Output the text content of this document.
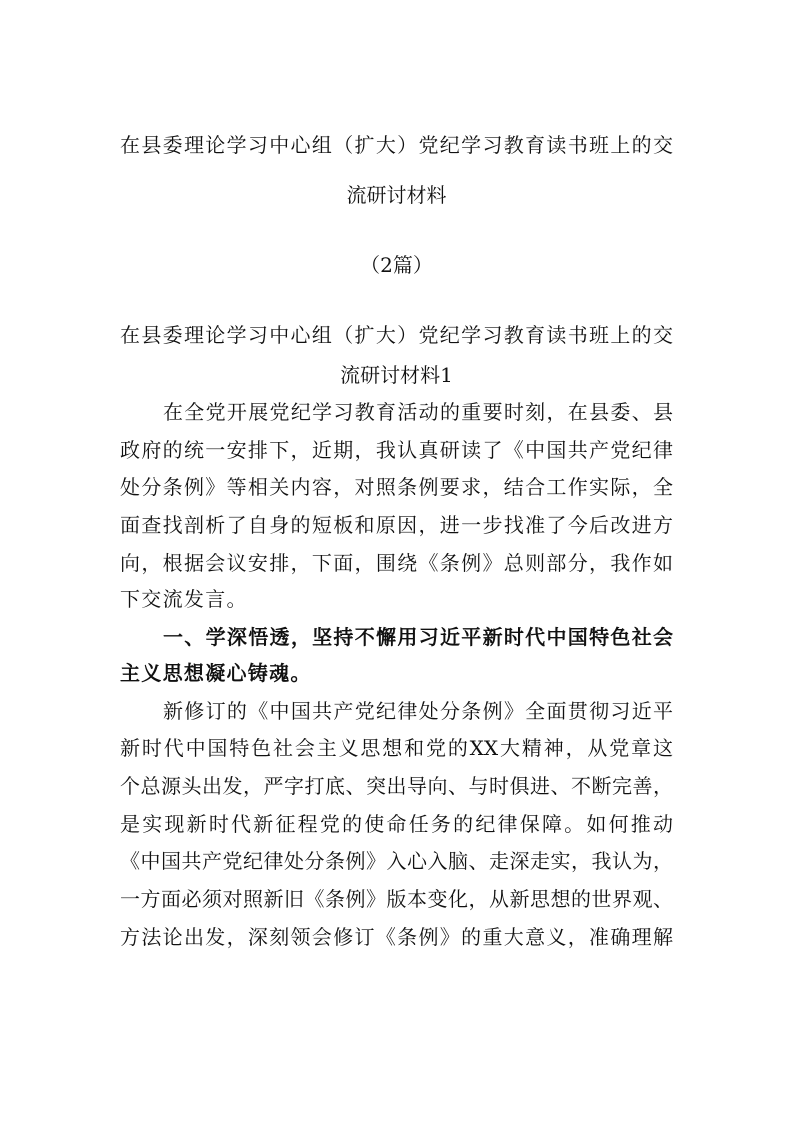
在县委理论学习中心组（扩大）党纪学习教育读书班上的交
流研讨材料
（2篇）
在县委理论学习中心组（扩大）党纪学习教育读书班上的交
流研讨材料1
在全党开展党纪学习教育活动的重要时刻，在县委、县
政府的统一安排下，近期，我认真研读了《中国共产党纪律
处分条例》等相关内容，对照条例要求，结合工作实际，全
面查找剖析了自身的短板和原因，进一步找准了今后改进方
向，根据会议安排，下面，围绕《条例》总则部分，我作如
下交流发言。
一、学深悟透，坚持不懈用习近平新时代中国特色社会
主义思想凝心铸魂。
新修订的《中国共产党纪律处分条例》全面贯彻习近平
新时代中国特色社会主义思想和党的XX大精神，从党章这
个总源头出发，严字打底、突出导向、与时俱进、不断完善，
是实现新时代新征程党的使命任务的纪律保障。如何推动
《中国共产党纪律处分条例》入心入脑、走深走实，我认为，
一方面必须对照新旧《条例》版本变化，从新思想的世界观、
方法论出发，深刻领会修订《条例》的重大意义，准确理解
